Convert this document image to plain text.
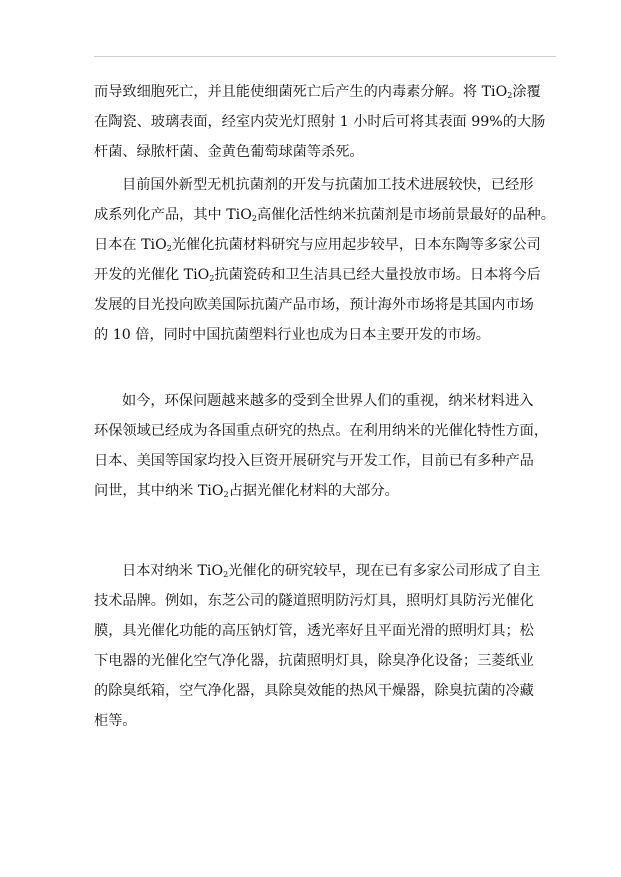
而导致细胞死亡，并且能使细菌死亡后产生的内毒素分解。将 TiO$_2$涂覆
在陶瓷、玻璃表面，经室内荧光灯照射 1 小时后可将其表面 99%的大肠
杆菌、绿脓杆菌、金黄色葡萄球菌等杀死。
目前国外新型无机抗菌剂的开发与抗菌加工技术进展较快，已经形
成系列化产品，其中 TiO$_2$高催化活性纳米抗菌剂是市场前景最好的品种。
日本在 TiO$_2$光催化抗菌材料研究与应用起步较早，日本东陶等多家公司
开发的光催化 TiO$_2$抗菌瓷砖和卫生洁具已经大量投放市场。日本将今后
发展的目光投向欧美国际抗菌产品市场，预计海外市场将是其国内市场
的 10 倍，同时中国抗菌塑料行业也成为日本主要开发的市场。
如今，环保问题越来越多的受到全世界人们的重视，纳米材料进入
环保领域已经成为各国重点研究的热点。在利用纳米的光催化特性方面，
日本、美国等国家均投入巨资开展研究与开发工作，目前已有多种产品
问世，其中纳米 TiO$_2$占据光催化材料的大部分。
日本对纳米 TiO$_2$光催化的研究较早，现在已有多家公司形成了自主
技术品牌。例如，东芝公司的隧道照明防污灯具，照明灯具防污光催化
膜，具光催化功能的高压钠灯管，透光率好且平面光滑的照明灯具；松
下电器的光催化空气净化器，抗菌照明灯具，除臭净化设备；三菱纸业
的除臭纸箱，空气净化器，具除臭效能的热风干燥器，除臭抗菌的冷藏
柜等。
